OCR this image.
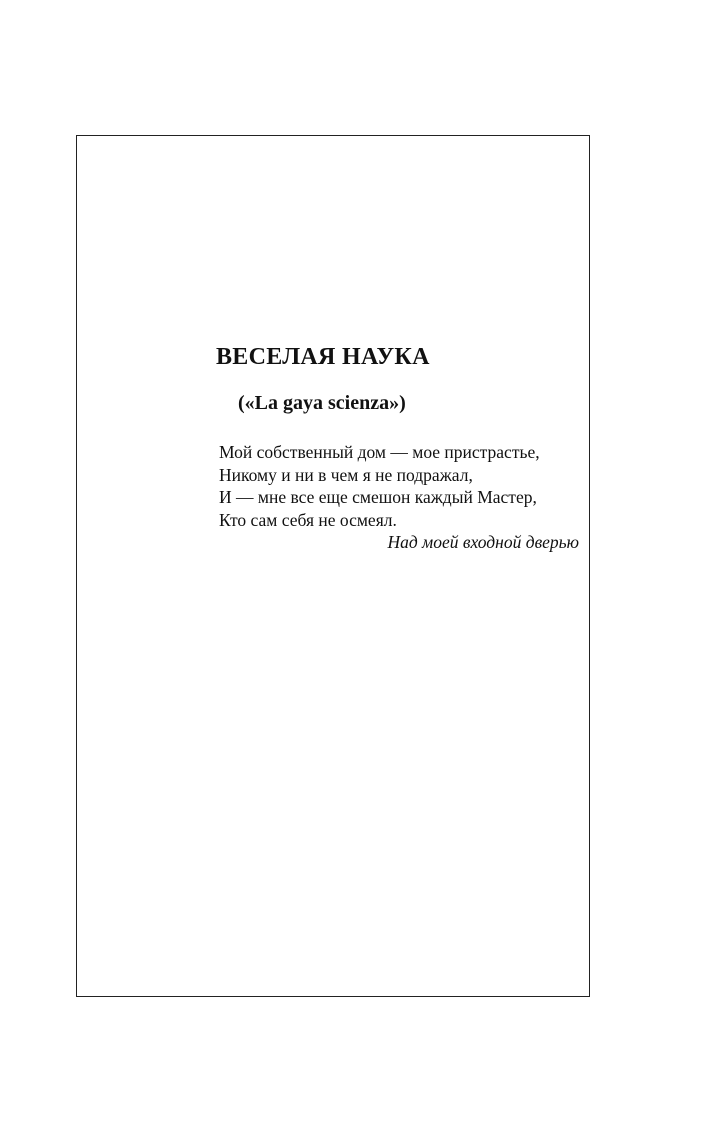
ВЕСЕЛАЯ НАУКА
(«La gaya scienza»)
Мой собственный дом — мое пристрастье,
Никому и ни в чем я не подражал,
И — мне все еще смешон каждый Мастер,
Кто сам себя не осмеял.
Над моей входной дверью
